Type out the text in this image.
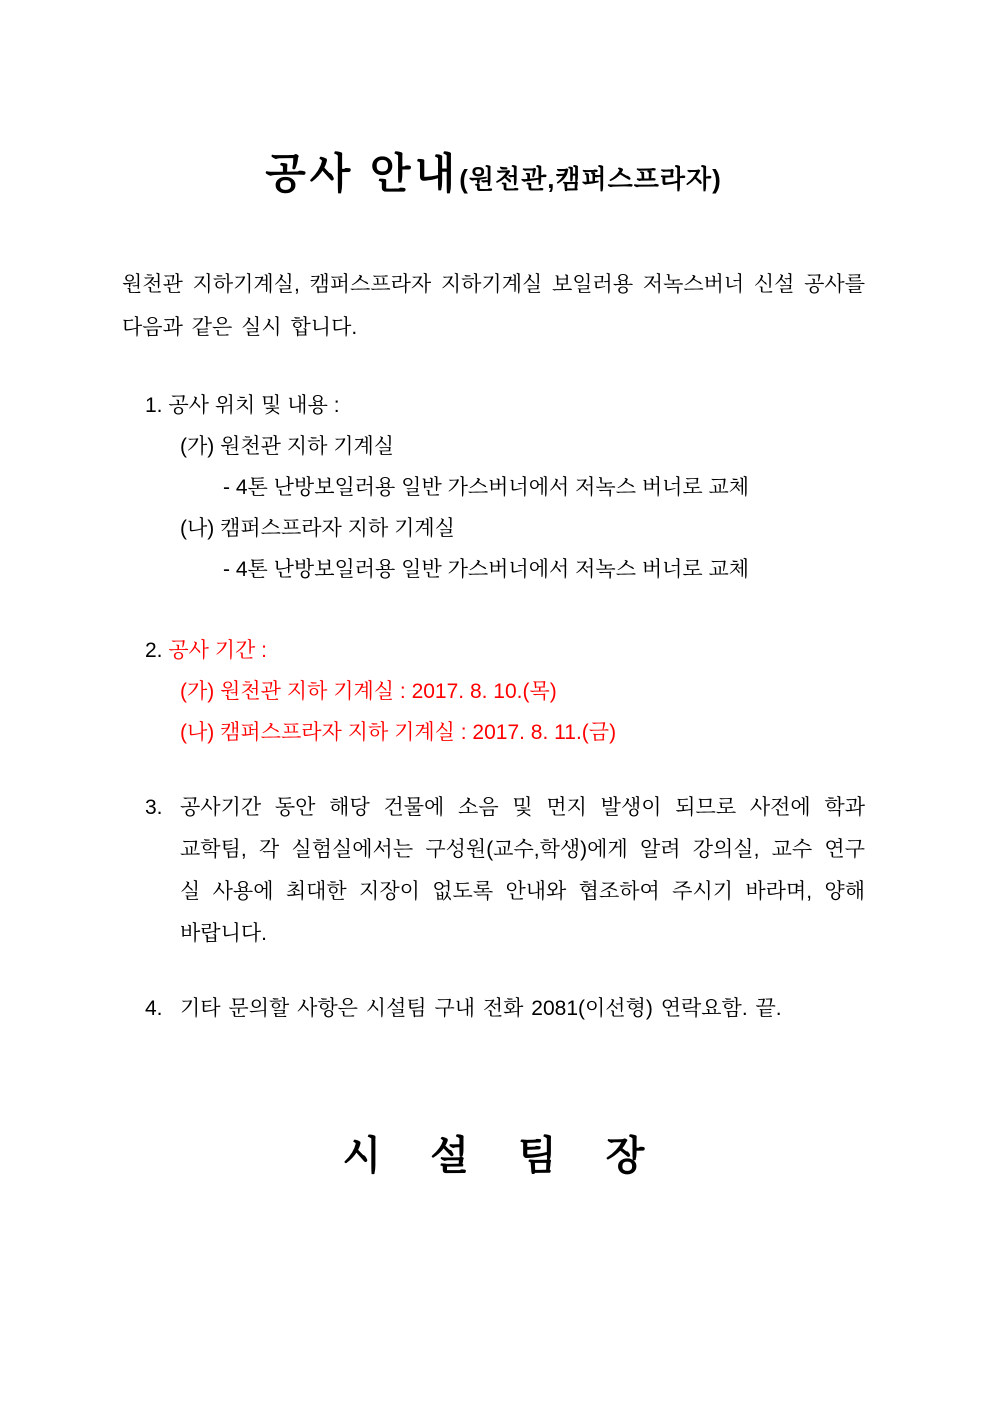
공사 안내(원천관,캠퍼스프라자)

원천관 지하기계실, 캠퍼스프라자 지하기계실 보일러용 저녹스버너 신설 공사를 다음과 같은 실시 합니다.

1. 공사 위치 및 내용 :
(가) 원천관 지하 기계실
- 4톤 난방보일러용 일반 가스버너에서 저녹스 버너로 교체
(나) 캠퍼스프라자 지하 기계실
- 4톤 난방보일러용 일반 가스버너에서 저녹스 버너로 교체
2. 공사 기간 :
(가) 원천관 지하 기계실 : 2017. 8. 10.(목)
(나) 캠퍼스프라자 지하 기계실 : 2017. 8. 11.(금)
3. 공사기간 동안 해당 건물에 소음 및 먼지 발생이 되므로 사전에 학과 교학팀, 각 실험실에서는 구성원(교수,학생)에게 알려 강의실, 교수 연구실 사용에 최대한 지장이 없도록 안내와 협조하여 주시기 바라며, 양해 바랍니다.
4. 기타 문의할 사항은 시설팀 구내 전화 2081(이선형) 연락요함. 끝.
시 설 팀 장
